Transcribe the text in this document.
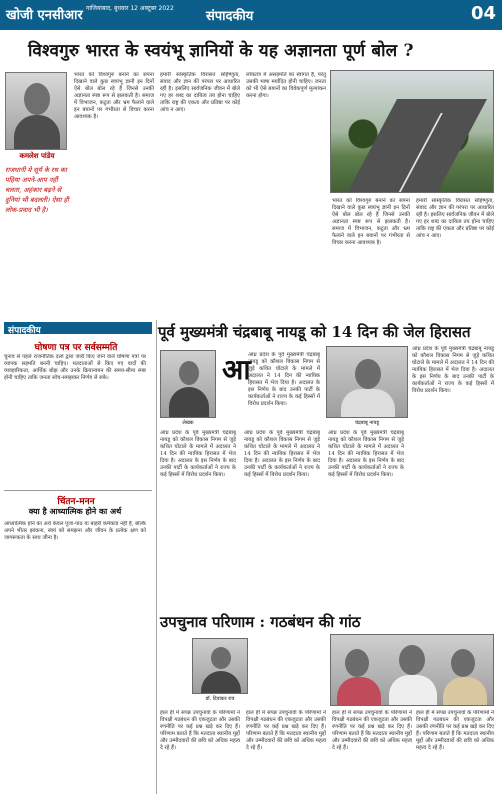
खोजी एनसीआर गाजियाबाद, बुधवार 12 अक्टूबर 2022
संपादकीय	04
विश्वगुरु भारत के स्वयंभू ज्ञानियों के यह अज्ञानता पूर्ण बोल ?
कमलेश पांडेय
राजधानी मे सूर्य के रथ का पहिया अपने-आप नहीं चलता, अहंकार बढ़ने से दुनियां भी बदलती। ऐसा ही लोक-प्रवाद भी है।
भारत को विश्वगुरु बनाने का सपना दिखाने वाले कुछ स्वयंभू ज्ञानी इन दिनों ऐसे बोल बोल रहे हैं जिनसे उनकी अज्ञानता स्पष्ट रूप से झलकती है। समाज में विभाजन, कटुता और भ्रम फैलाने वाले इन बयानों पर गंभीरता से विचार करना आवश्यक है।
हमारी सांस्कृतिक विरासत सहिष्णुता, संवाद और ज्ञान की परंपरा पर आधारित रही है। इसलिए सार्वजनिक जीवन में बोले गए हर शब्द का दायित्व तय होना चाहिए ताकि राष्ट्र की एकता और प्रतिष्ठा पर कोई आंच न आए।
लोकतंत्र में असहमति का स्वागत है, परंतु उसकी भाषा मर्यादित होनी चाहिए। जनता को भी ऐसे बयानों का विवेकपूर्ण मूल्यांकन करना होगा।
भारत को विश्वगुरु बनाने का सपना दिखाने वाले कुछ स्वयंभू ज्ञानी इन दिनों ऐसे बोल बोल रहे हैं जिनसे उनकी अज्ञानता स्पष्ट रूप से झलकती है। समाज में विभाजन, कटुता और भ्रम फैलाने वाले इन बयानों पर गंभीरता से विचार करना आवश्यक है।
हमारी सांस्कृतिक विरासत सहिष्णुता, संवाद और ज्ञान की परंपरा पर आधारित रही है। इसलिए सार्वजनिक जीवन में बोले गए हर शब्द का दायित्व तय होना चाहिए ताकि राष्ट्र की एकता और प्रतिष्ठा पर कोई आंच न आए।
संपादकीय
घोषणा पत्र पर सर्वसम्मति
चुनाव से पहले राजनीतिक दलों द्वारा जारी किए जाने वाले घोषणा पत्रों पर व्यापक सहमति बननी चाहिए। मतदाताओं से किए गए वादों की व्यवहारिकता, आर्थिक बोझ और उनके क्रियान्वयन की समय-सीमा स्पष्ट होनी चाहिए ताकि जनता सोच-समझकर निर्णय ले सके।
चिंतन-मनन
क्या है आध्यात्मिक होने का अर्थ
आध्यात्मिक होने का अर्थ केवल पूजा-पाठ या बाहरी कर्मकांड नहीं है, बल्कि अपने भीतर झांकना, स्वयं को समझना और जीवन के प्रत्येक क्षण को जागरूकता के साथ जीना है।
पूर्व मुख्यमंत्री चंद्रबाबू नायडू को 14 दिन की जेल हिरासत
लेखक
आ
आंध्र प्रदेश के पूर्व मुख्यमंत्री चंद्रबाबू नायडू को कौशल विकास निगम से जुड़े कथित घोटाले के मामले में अदालत ने 14 दिन की न्यायिक हिरासत में भेज दिया है। अदालत के इस निर्णय के बाद उनकी पार्टी के कार्यकर्ताओं ने राज्य के कई हिस्सों में विरोध प्रदर्शन किया।
चंद्रबाबू नायडू
आंध्र प्रदेश के पूर्व मुख्यमंत्री चंद्रबाबू नायडू को कौशल विकास निगम से जुड़े कथित घोटाले के मामले में अदालत ने 14 दिन की न्यायिक हिरासत में भेज दिया है। अदालत के इस निर्णय के बाद उनकी पार्टी के कार्यकर्ताओं ने राज्य के कई हिस्सों में विरोध प्रदर्शन किया।
आंध्र प्रदेश के पूर्व मुख्यमंत्री चंद्रबाबू नायडू को कौशल विकास निगम से जुड़े कथित घोटाले के मामले में अदालत ने 14 दिन की न्यायिक हिरासत में भेज दिया है। अदालत के इस निर्णय के बाद उनकी पार्टी के कार्यकर्ताओं ने राज्य के कई हिस्सों में विरोध प्रदर्शन किया।
आंध्र प्रदेश के पूर्व मुख्यमंत्री चंद्रबाबू नायडू को कौशल विकास निगम से जुड़े कथित घोटाले के मामले में अदालत ने 14 दिन की न्यायिक हिरासत में भेज दिया है। अदालत के इस निर्णय के बाद उनकी पार्टी के कार्यकर्ताओं ने राज्य के कई हिस्सों में विरोध प्रदर्शन किया।
आंध्र प्रदेश के पूर्व मुख्यमंत्री चंद्रबाबू नायडू को कौशल विकास निगम से जुड़े कथित घोटाले के मामले में अदालत ने 14 दिन की न्यायिक हिरासत में भेज दिया है। अदालत के इस निर्णय के बाद उनकी पार्टी के कार्यकर्ताओं ने राज्य के कई हिस्सों में विरोध प्रदर्शन किया।
उपचुनाव परिणाम : गठबंधन की गांठ
डॉ. दिवाकर राव
हाल ही में संपन्न उपचुनावों के परिणामों ने विपक्षी गठबंधन की एकजुटता और उसकी रणनीति पर कई प्रश्न खड़े कर दिए हैं। परिणाम बताते हैं कि मतदाता स्थानीय मुद्दों और उम्मीदवारों की छवि को अधिक महत्व दे रहे हैं।
हाल ही में संपन्न उपचुनावों के परिणामों ने विपक्षी गठबंधन की एकजुटता और उसकी रणनीति पर कई प्रश्न खड़े कर दिए हैं। परिणाम बताते हैं कि मतदाता स्थानीय मुद्दों और उम्मीदवारों की छवि को अधिक महत्व दे रहे हैं।
हाल ही में संपन्न उपचुनावों के परिणामों ने विपक्षी गठबंधन की एकजुटता और उसकी रणनीति पर कई प्रश्न खड़े कर दिए हैं। परिणाम बताते हैं कि मतदाता स्थानीय मुद्दों और उम्मीदवारों की छवि को अधिक महत्व दे रहे हैं।
हाल ही में संपन्न उपचुनावों के परिणामों ने विपक्षी गठबंधन की एकजुटता और उसकी रणनीति पर कई प्रश्न खड़े कर दिए हैं। परिणाम बताते हैं कि मतदाता स्थानीय मुद्दों और उम्मीदवारों की छवि को अधिक महत्व दे रहे हैं।
